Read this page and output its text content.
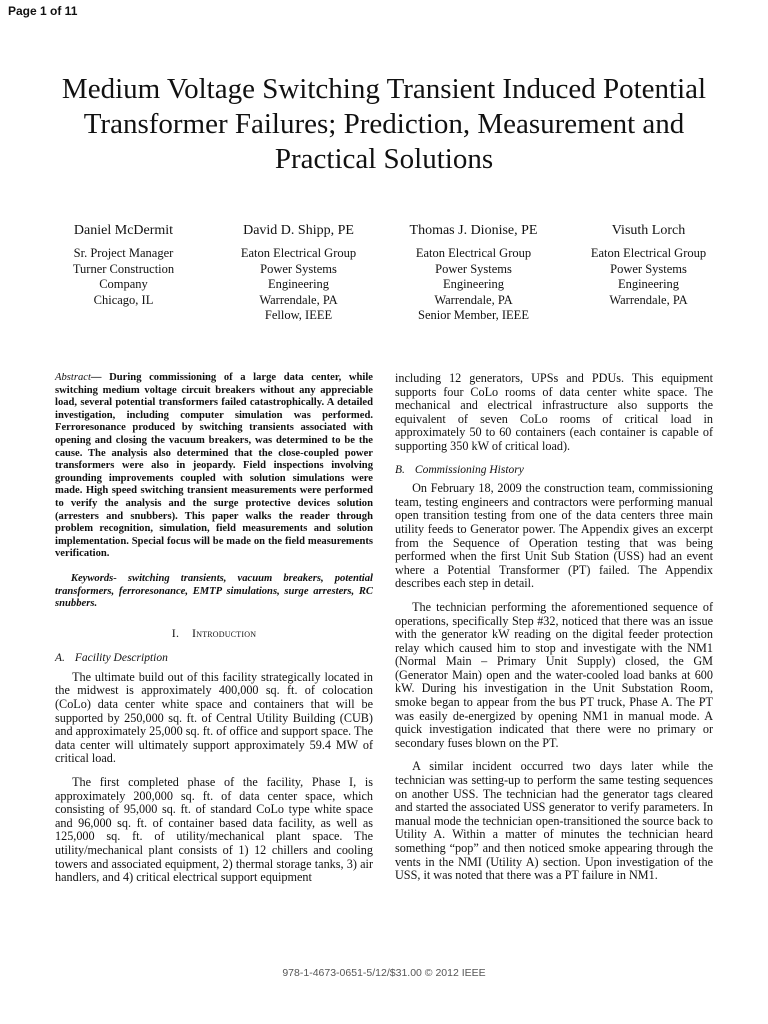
Page 1 of 11
Medium Voltage Switching Transient Induced Potential Transformer Failures; Prediction, Measurement and Practical Solutions
Daniel McDermit
Sr. Project Manager
Turner Construction
Company
Chicago, IL
David D. Shipp, PE
Eaton Electrical Group
Power Systems
Engineering
Warrendale, PA
Fellow, IEEE
Thomas J. Dionise, PE
Eaton Electrical Group
Power Systems
Engineering
Warrendale, PA
Senior Member, IEEE
Visuth Lorch
Eaton Electrical Group
Power Systems
Engineering
Warrendale, PA

Abstract— During commissioning of a large data center, while switching medium voltage circuit breakers without any appreciable load, several potential transformers failed catastrophically. A detailed investigation, including computer simulation was performed. Ferroresonance produced by switching transients associated with opening and closing the vacuum breakers, was determined to be the cause. The analysis also determined that the close-coupled power transformers were also in jeopardy. Field inspections involving grounding improvements coupled with solution simulations were made. High speed switching transient measurements were performed to verify the analysis and the surge protective devices solution (arresters and snubbers). This paper walks the reader through problem recognition, simulation, field measurements and solution implementation. Special focus will be made on the field measurements verification.

Keywords- switching transients, vacuum breakers, potential transformers, ferroresonance, EMTP simulations, surge arresters, RC snubbers.

I. Introduction

A. Facility Description

The ultimate build out of this facility strategically located in the midwest is approximately 400,000 sq. ft. of colocation (CoLo) data center white space and containers that will be supported by 250,000 sq. ft. of Central Utility Building (CUB) and approximately 25,000 sq. ft. of office and support space. The data center will ultimately support approximately 59.4 MW of critical load.

The first completed phase of the facility, Phase I, is approximately 200,000 sq. ft. of data center space, which consisting of 95,000 sq. ft. of standard CoLo type white space and 96,000 sq. ft. of container based data facility, as well as 125,000 sq. ft. of utility/mechanical plant space. The utility/mechanical plant consists of 1) 12 chillers and cooling towers and associated equipment, 2) thermal storage tanks, 3) air handlers, and 4) critical electrical support equipment

including 12 generators, UPSs and PDUs. This equipment supports four CoLo rooms of data center white space. The mechanical and electrical infrastructure also supports the equivalent of seven CoLo rooms of critical load in approximately 50 to 60 containers (each container is capable of supporting 350 kW of critical load).

B. Commissioning History

On February 18, 2009 the construction team, commissioning team, testing engineers and contractors were performing manual open transition testing from one of the data centers three main utility feeds to Generator power. The Appendix gives an excerpt from the Sequence of Operation testing that was being performed when the first Unit Sub Station (USS) had an event where a Potential Transformer (PT) failed. The Appendix describes each step in detail.

The technician performing the aforementioned sequence of operations, specifically Step #32, noticed that there was an issue with the generator kW reading on the digital feeder protection relay which caused him to stop and investigate with the NM1 (Normal Main – Primary Unit Supply) closed, the GM (Generator Main) open and the water-cooled load banks at 600 kW. During his investigation in the Unit Substation Room, smoke began to appear from the bus PT truck, Phase A. The PT was easily de-energized by opening NM1 in manual mode. A quick investigation indicated that there were no primary or secondary fuses blown on the PT.

A similar incident occurred two days later while the technician was setting-up to perform the same testing sequences on another USS. The technician had the generator tags cleared and started the associated USS generator to verify parameters. In manual mode the technician open-transitioned the source back to Utility A. Within a matter of minutes the technician heard something “pop” and then noticed smoke appearing through the vents in the NMI (Utility A) section. Upon investigation of the USS, it was noted that there was a PT failure in NM1.

978-1-4673-0651-5/12/$31.00 © 2012 IEEE
